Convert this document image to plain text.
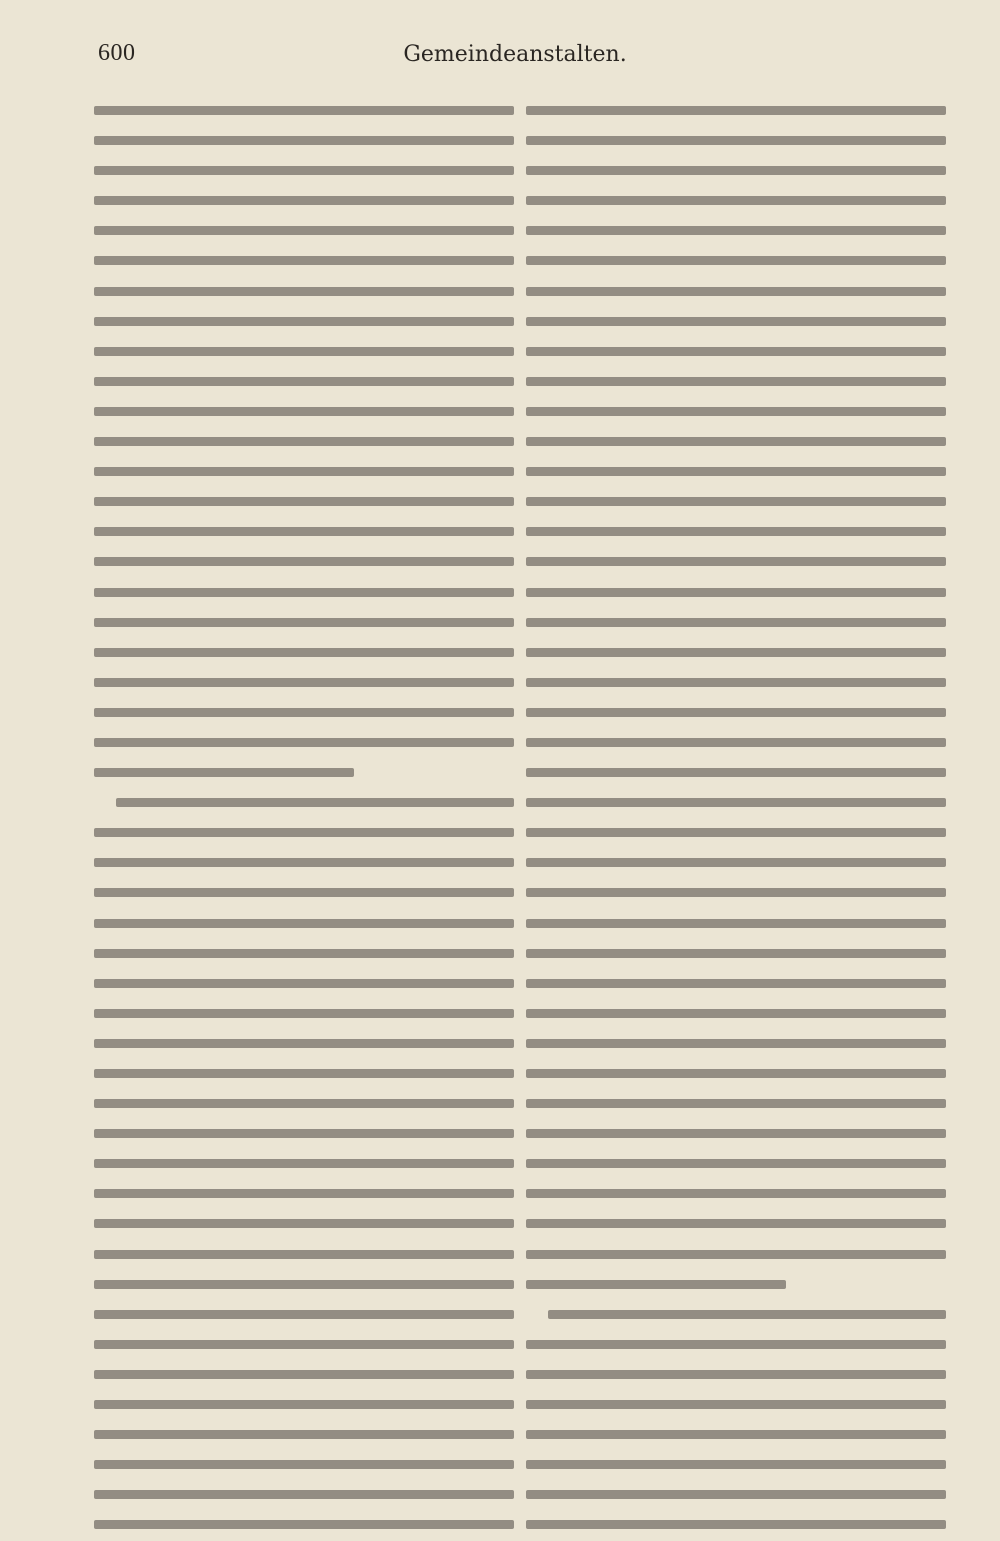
600	Gemeindeanstalten.
